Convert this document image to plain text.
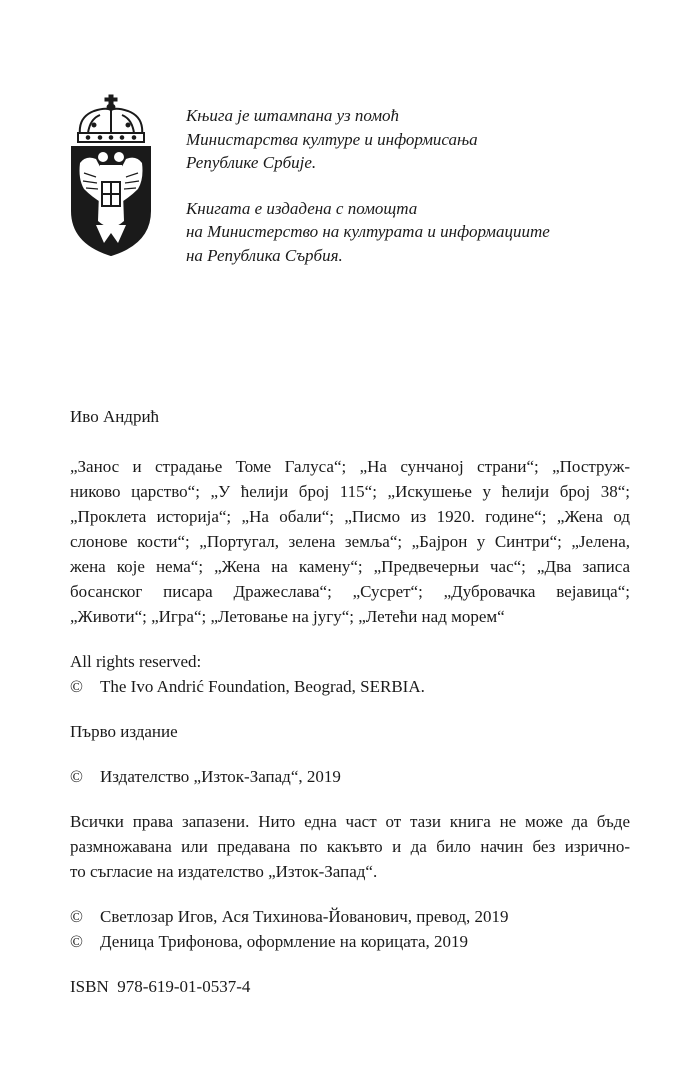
Књига је штампана уз помоћ

Министарства културе и информисања

Републике Србије.

Книгата е издадена с помощта

на Министерство на културата и информациите

на Република Сърбия.

Иво Андрић
„Занос и страдање Томе Галуса“; „На сунчаној страни“; „Поструж-
никово царство“; „У ћелији број 115“; „Искушење у ћелији број 38“;
„Проклета историја“; „На обали“; „Писмо из 1920. године“; „Жена од
слонове кости“; „Португал, зелена земља“; „Бајрон у Синтри“; „Јелена,
жена које нема“; „Жена на камену“; „Предвечерњи час“; „Два записа
босанског писара Дражеслава“; „Сусрет“; „Дубровачка вејавица“;
„Животи“; „Игра“; „Летовање на југу“; „Летећи над морем“
All rights reserved:
© The Ivo Andrić Foundation, Beograd, SERBIA.
Първо издание
© Издателство „Изток-Запад“, 2019
Всички права запазени. Нито една част от тази книга не може да бъде
размножавана или предавана по какъвто и да било начин без изрично-
то съгласие на издателство „Изток-Запад“.
© Светлозар Игов, Ася Тихинова-Йованович, превод, 2019
© Деница Трифонова, оформление на корицата, 2019
ISBN 978-619-01-0537-4
